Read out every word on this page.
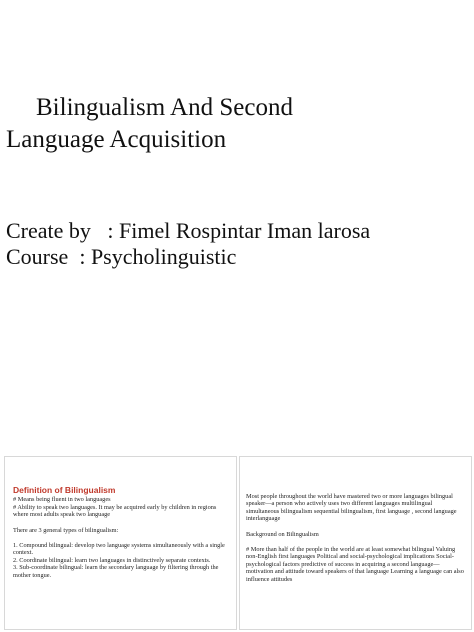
Bilingualism And Second
Language Acquisition
Create by   : Fimel Rospintar Iman larosa
Course  : Psycholinguistic
Definition of Bilingualism
# Means being fluent in two languages
# Ability to speak two languages. It may be acquired early by children in regions where most adults speak two language
There are 3 general types of bilingualism:
1. Compound bilingual: develop two language systems simultaneously with a single context.
2. Coordinate bilingual: learn two languages in distinctively separate contexts.
3. Sub-coordinate bilingual: learn the secondary language by filtering through the mother tongue.
Most people throughout the world have mastered two or more languages bilingual speaker—a person who actively uses two different languages multilingual simultaneous bilingualism sequential bilingualism, first language , second language interlanguage
Background on Bilingualism
# More than half of the people in the world are at least somewhat bilingual Valuing non-English first languages Political and social-psychological implications Social-psychological factors predictive of success in acquiring a second language—motivation and attitude toward speakers of that language Learning a language can also influence attitudes
